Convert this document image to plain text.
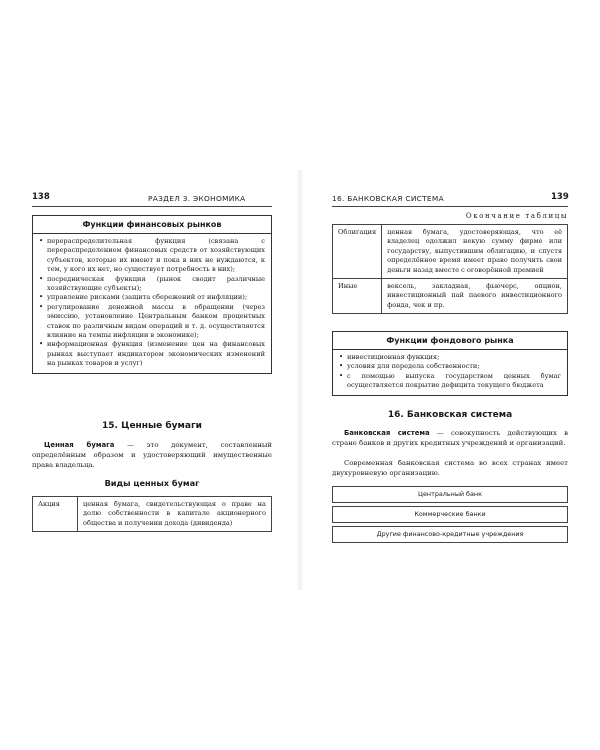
138	РАЗДЕЛ 3. ЭКОНОМИКА
Функции финансовых рынков
• перераспределительная функция (связана с перераспределением финансовых средств от хозяйствующих субъектов, которые их имеют и пока в них не нуждаются, к тем, у кого их нет, но существует потребность в них);
• посредническая функция (рынок сводит различные хозяйствующие субъекты);
• управление рисками (защита сбережений от инфляции);
• регулирование денежной массы в обращении (через эмиссию, установление Центральным банком процентных ставок по различным видам операций и т. д. осуществляется влияние на темпы инфляции в экономике);
• информационная функция (изменение цен на финансовых рынках выступает индикатором экономических изменений на рынках товаров и услуг)
15. Ценные бумаги
Ценная бумага — это документ, составленный определённым образом и удостоверяющий имущественные права владельца.
Виды ценных бумаг
Акция	ценная бумага, свидетельствующая о праве на долю собственности в капитале акционерного общества и получении дохода (дивиденда)
16. БАНКОВСКАЯ СИСТЕМА	139
Окончание таблицы
Облигация	ценная бумага, удостоверяющая, что её владелец одолжил некую сумму фирме или государству, выпустившим облигацию, и спустя определённое время имеет право получить свои деньги назад вместе с оговорённой премией
Иные	вексель, закладная, фьючерс, опцион, инвестиционный пай паевого инвестиционного фонда, чек и пр.
Функции фондового рынка
• инвестиционная функция;
• условия для передела собственности;
• с помощью выпуска государством ценных бумаг осуществляется покрытие дефицита текущего бюджета
16. Банковская система
Банковская система — совокупность действующих в стране банков и других кредитных учреждений и организаций.
Современная банковская система во всех странах имеет двухуровневую организацию.
Центральный банк
Коммерческие банки
Другие финансово-кредитные учреждения
